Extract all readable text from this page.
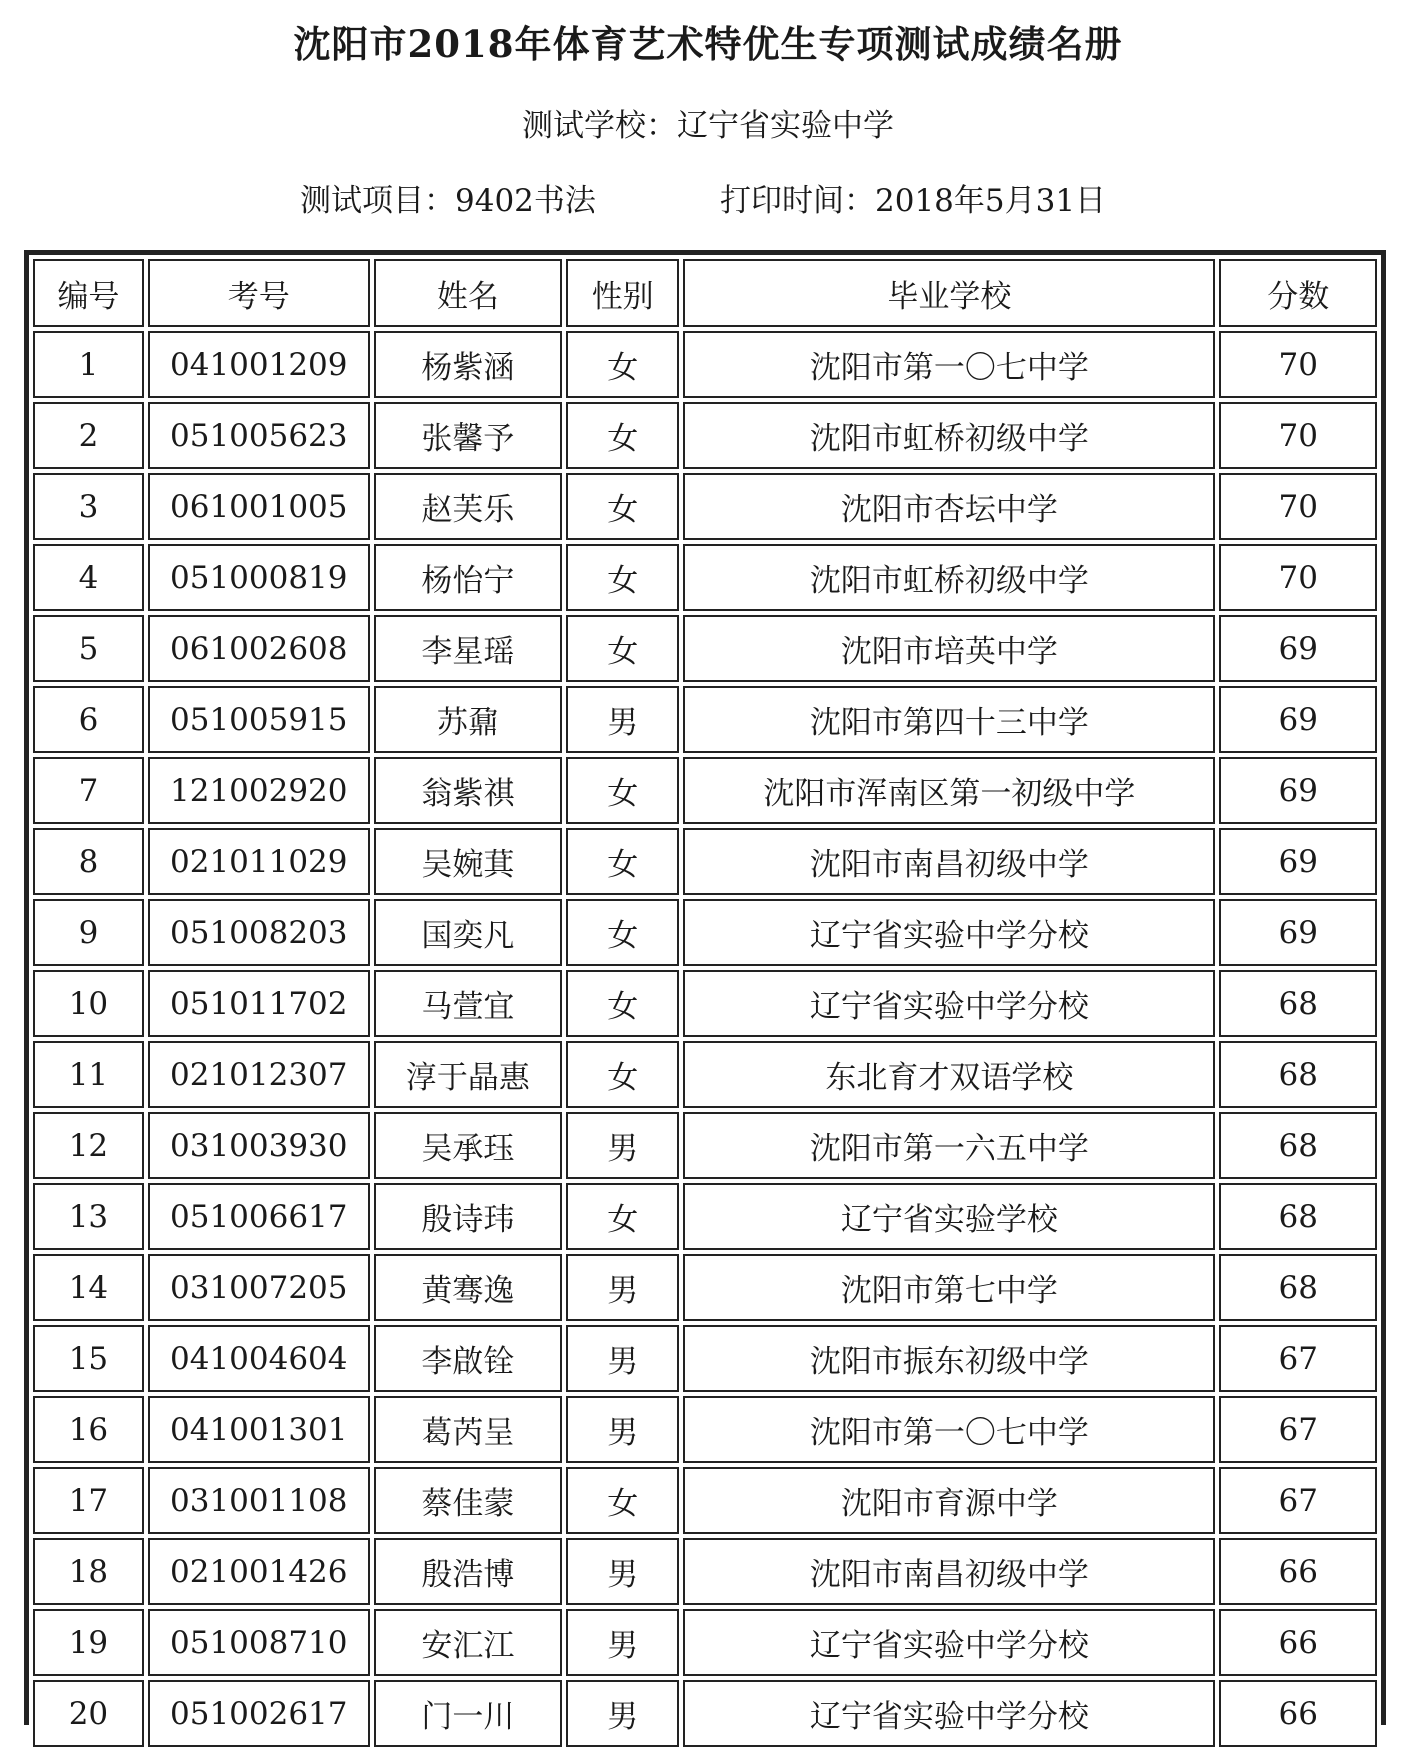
沈阳市2018年体育艺术特优生专项测试成绩名册
测试学校：辽宁省实验中学
测试项目：9402书法	打印时间：2018年5月31日
编号	考号	姓名	性别	毕业学校	分数
1	041001209	杨紫涵	女	沈阳市第一〇七中学	70
2	051005623	张馨予	女	沈阳市虹桥初级中学	70
3	061001005	赵芙乐	女	沈阳市杏坛中学	70
4	051000819	杨怡宁	女	沈阳市虹桥初级中学	70
5	061002608	李星瑶	女	沈阳市培英中学	69
6	051005915	苏鼐	男	沈阳市第四十三中学	69
7	121002920	翁紫祺	女	沈阳市浑南区第一初级中学	69
8	021011029	吴婉萁	女	沈阳市南昌初级中学	69
9	051008203	国奕凡	女	辽宁省实验中学分校	69
10	051011702	马萱宜	女	辽宁省实验中学分校	68
11	021012307	淳于晶惠	女	东北育才双语学校	68
12	031003930	吴承珏	男	沈阳市第一六五中学	68
13	051006617	殷诗玮	女	辽宁省实验学校	68
14	031007205	黄骞逸	男	沈阳市第七中学	68
15	041004604	李啟铨	男	沈阳市振东初级中学	67
16	041001301	葛芮呈	男	沈阳市第一〇七中学	67
17	031001108	蔡佳蒙	女	沈阳市育源中学	67
18	021001426	殷浩博	男	沈阳市南昌初级中学	66
19	051008710	安汇江	男	辽宁省实验中学分校	66
20	051002617	门一川	男	辽宁省实验中学分校	66
